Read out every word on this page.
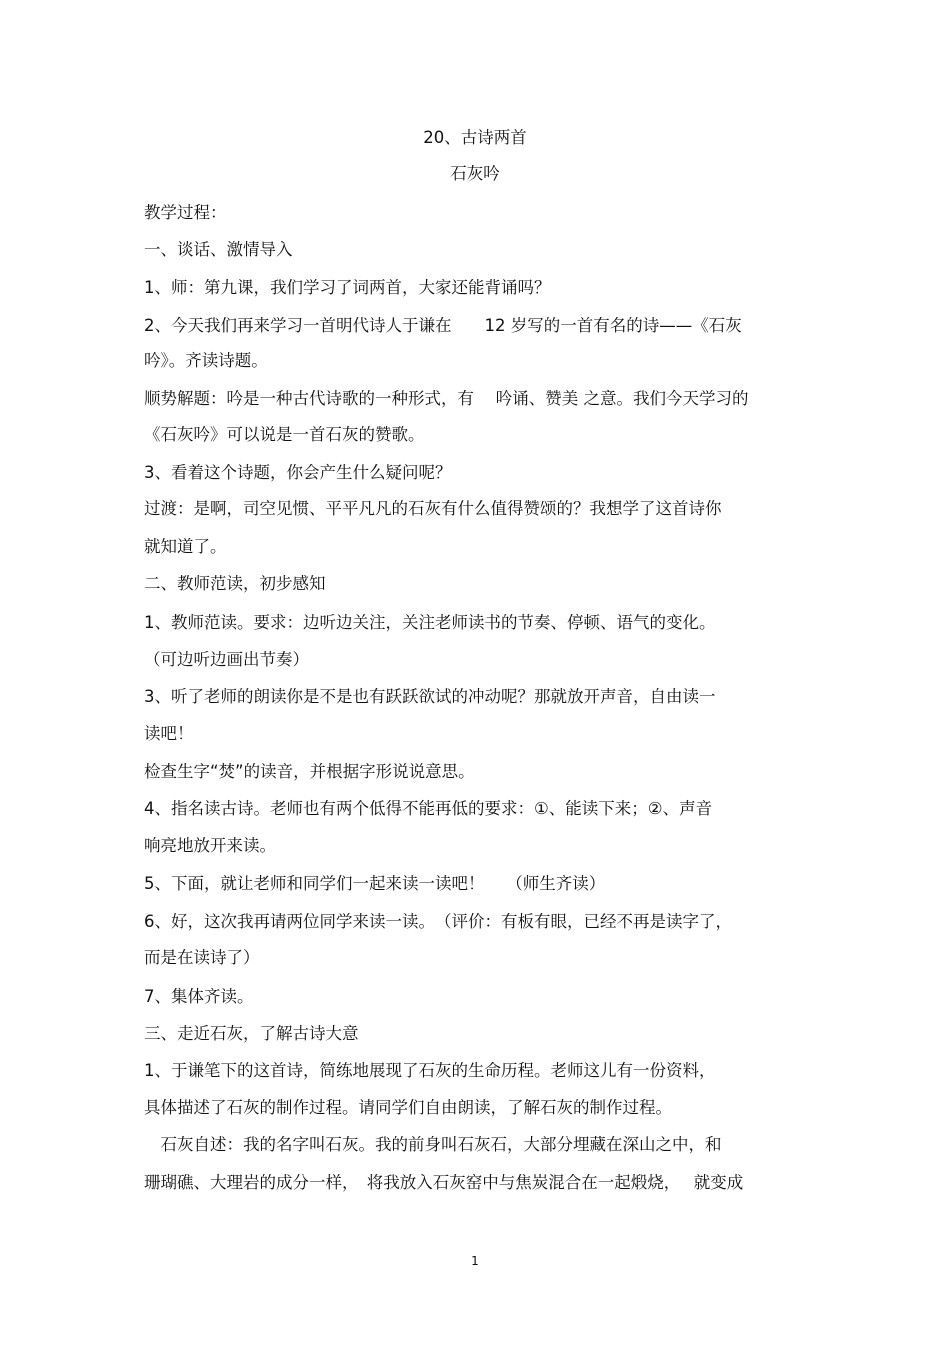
20、古诗两首
石灰吟
教学过程：
一、谈话、激情导入
1、师：第九课，我们学习了词两首，大家还能背诵吗？
2、今天我们再来学习一首明代诗人于谦在　　12 岁写的一首有名的诗——《石灰
吟》。齐读诗题。
顺势解题：吟是一种古代诗歌的一种形式，有　 吟诵、赞美 之意。我们今天学习的
《石灰吟》可以说是一首石灰的赞歌。
3、看着这个诗题，你会产生什么疑问呢？
过渡：是啊，司空见惯、平平凡凡的石灰有什么值得赞颂的？我想学了这首诗你
就知道了。
二、教师范读，初步感知
1、教师范读。要求：边听边关注，关注老师读书的节奏、停顿、语气的变化。
（可边听边画出节奏）
3、听了老师的朗读你是不是也有跃跃欲试的冲动呢？那就放开声音，自由读一
读吧！
检查生字“焚”的读音，并根据字形说说意思。
4、指名读古诗。老师也有两个低得不能再低的要求：①、能读下来；②、声音
响亮地放开来读。
5、下面，就让老师和同学们一起来读一读吧！　 （师生齐读）
6、好，这次我再请两位同学来读一读。　（评价：有板有眼，已经不再是读字了，
而是在读诗了）
7、集体齐读。
三、走近石灰，了解古诗大意
1、于谦笔下的这首诗，简练地展现了石灰的生命历程。老师这儿有一份资料，
具体描述了石灰的制作过程。请同学们自由朗读，了解石灰的制作过程。
　石灰自述：我的名字叫石灰。我的前身叫石灰石，大部分埋藏在深山之中，和
珊瑚礁、大理岩的成分一样，　将我放入石灰窑中与焦炭混合在一起煅烧，　 就变成
1
